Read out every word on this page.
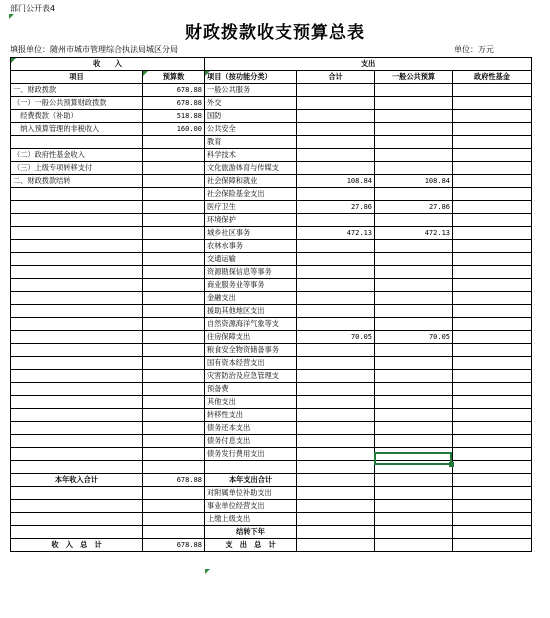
部门公开表4
财政拨款收支预算总表
填报单位：随州市城市管理综合执法局城区分局	单位：万元
收　　入		支出			
项目	预算数	项目（按功能分类）	合计	一般公共预算	政府性基金
一、财政拨款	678.88	一般公共服务			
（一）一般公共预算财政拨款	678.88	外交			
　经费拨款（补助）	518.88	国防			
　纳入预算管理的非税收入	160.00	公共安全			
		教育			
（二）政府性基金收入		科学技术			
（三）上级专项转移支付		文化旅游体育与传媒支			
二、财政拨款结转		社会保障和就业	108.84	108.84	
		社会保险基金支出			
		医疗卫生	27.86	27.86	
		环境保护			
		城乡社区事务	472.13	472.13	
		农林水事务			
		交通运输			
		资源勘探信息等事务			
		商业服务业等事务			
		金融支出			
		援助其他地区支出			
		自然资源海洋气象等支			
		住房保障支出	70.05	70.05	
		粮食安全物资储备事务			
		国有资本经营支出			
		灾害防治及应急管理支			
		预备费			
		其他支出			
		转移性支出			
		债务还本支出			
		债务付息支出			
		债务发行费用支出			

本年收入合计	678.88	本年支出合计			
		对附属单位补助支出			
		事业单位经营支出			
		上缴上级支出			
		结转下年			
收　入　总　计	678.88	支　出　总　计			
